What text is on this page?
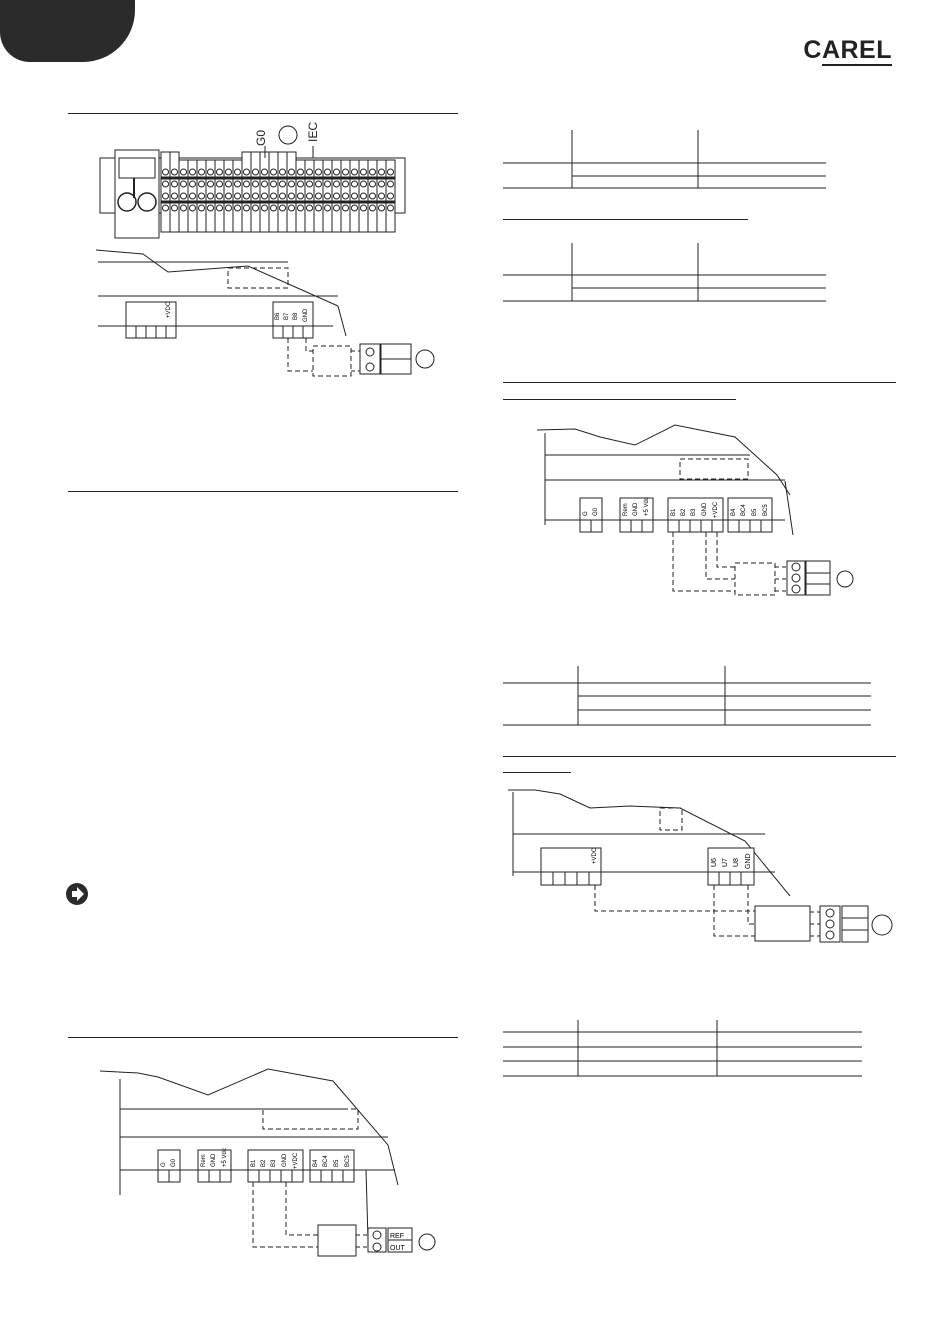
CAREL
G0	IEC
+VDC	B6 B7 B8 GND
G G0	Rem GND +5 Vdc	B1 B2 B3 GND +VDC B4 BC4 B5 BC5
REF
OUT
G G0	Rem GND +5 Vdc	B1 B2 B3 GND +VDC B4 BC4 B5 BC5
+VDC	U6 U7 U8 GND
